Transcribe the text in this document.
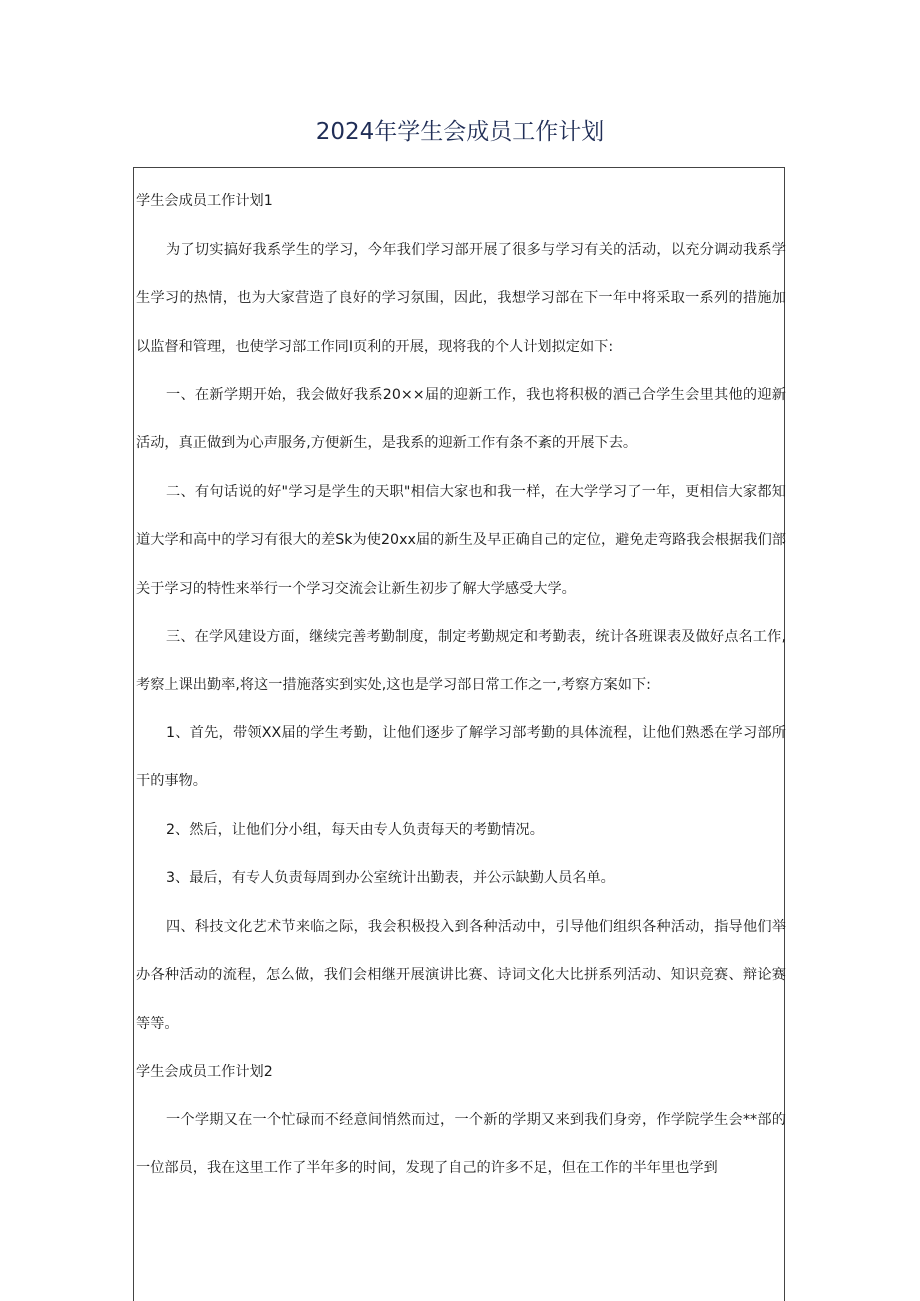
2024年学生会成员工作计划

学生会成员工作计划1

为了切实搞好我系学生的学习，今年我们学习部开展了很多与学习有关的活动，以充分调动我系学生学习的热情，也为大家营造了良好的学习氛围，因此，我想学习部在下一年中将采取一系列的措施加以监督和管理，也使学习部工作同I页利的开展，现将我的个人计划拟定如下:

一、在新学期开始，我会做好我系20××届的迎新工作，我也将积极的酒己合学生会里其他的迎新活动，真正做到为心声服务,方便新生，是我系的迎新工作有条不紊的开展下去。

二、有句话说的好"学习是学生的天职"相信大家也和我一样，在大学学习了一年，更相信大家都知道大学和高中的学习有很大的差Sk为使20xx届的新生及早正确自己的定位，避免走弯路我会根据我们部关于学习的特性来举行一个学习交流会让新生初步了解大学感受大学。

三、在学风建设方面，继续完善考勤制度，制定考勤规定和考勤表，统计各班课表及做好点名工作,考察上课出勤率,将这一措施落实到实处,这也是学习部日常工作之一,考察方案如下:

1、首先，带领XX届的学生考勤，让他们逐步了解学习部考勤的具体流程，让他们熟悉在学习部所干的事物。

2、然后，让他们分小组，每天由专人负责每天的考勤情况。

3、最后，有专人负责每周到办公室统计出勤表，并公示缺勤人员名单。

四、科技文化艺术节来临之际，我会积极投入到各种活动中，引导他们组织各种活动，指导他们举办各种活动的流程，怎么做，我们会相继开展演讲比赛、诗词文化大比拼系列活动、知识竞赛、辩论赛等等。

学生会成员工作计划2

一个学期又在一个忙碌而不经意间悄然而过，一个新的学期又来到我们身旁，作学院学生会**部的一位部员，我在这里工作了半年多的时间，发现了自己的许多不足，但在工作的半年里也学到
